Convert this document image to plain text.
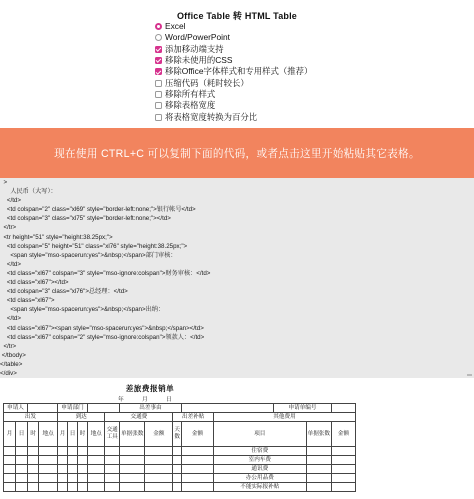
Office Table 转 HTML Table
Excel
Word/PowerPoint
添加移动端支持
移除未使用的CSS
移除Office字体样式和专用样式（推荐）
压缩代码（耗时较长）
移除所有样式
移除表格宽度
将表格宽度转换为百分比
现在使用 CTRL+C 可以复制下面的代码，或者点击这里开始粘贴其它表格。
>
人民币（大写）：
</td>
<td colspan="2" class="xl69" style="border-left:none;">银行帐号</td>
<td colspan="3" class="xl75" style="border-left:none;"></td>
</tr>
<tr height="51" style="height:38.25px;">
<td colspan="5" height="51" class="xl76" style="height:38.25px;">
<span style="mso-spacerun:yes">&nbsp;</span>部门审核：
</td>
<td class="xl67" colspan="3" style="mso-ignore:colspan">财务审核：</td>
<td class="xl67"></td>
<td colspan="3" class="xl76">总经理：</td>
<td class="xl67">
<span style="mso-spacerun:yes">&nbsp;</span>出纳：
</td>
<td class="xl67"><span style="mso-spacerun:yes">&nbsp;</span></td>
<td class="xl67" colspan="2" style="mso-ignore:colspan">领款人：</td>
</tr>
</tbody>
</table>
</div>
差旅费报销单
年	月	日
申请人				申请部门					出差事由					申请单编号		
出发				到达				交通费			出差补贴		其他费用			
月	日	时	地点	月	日	时	地点	交通工具	单据张数	金额	天数	金额	项目		单据张数	金额
													住宿费			
													室内车费			
													通讯费			
													办公用品费			
													不能实际报补贴			
